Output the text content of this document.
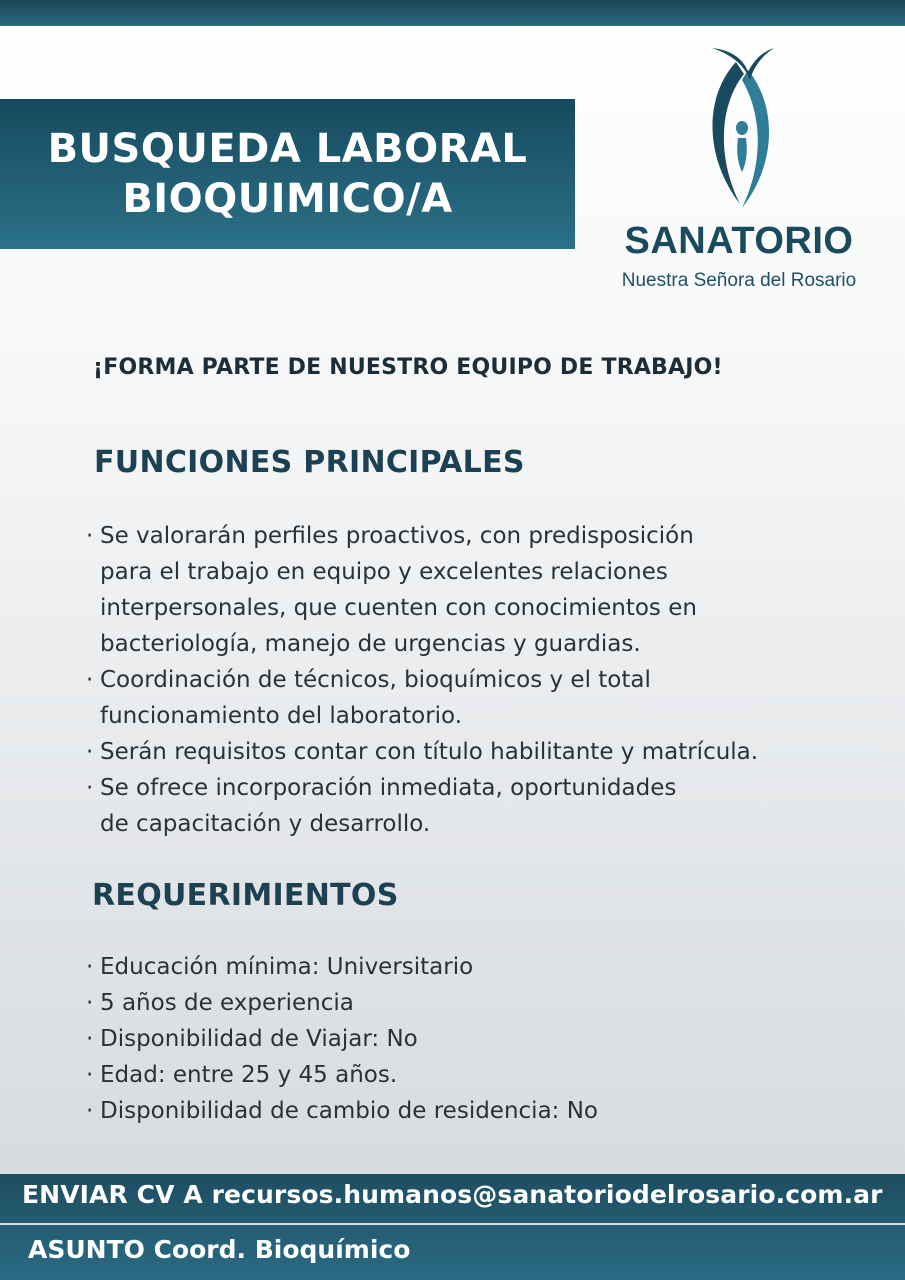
BUSQUEDA LABORAL
BIOQUIMICO/A
SANATORIO
Nuestra Señora del Rosario
¡FORMA PARTE DE NUESTRO EQUIPO DE TRABAJO!
FUNCIONES PRINCIPALES
· Se valorarán perfiles proactivos, con predisposición
para el trabajo en equipo y excelentes relaciones
interpersonales, que cuenten con conocimientos en
bacteriología, manejo de urgencias y guardias.
· Coordinación de técnicos, bioquímicos y el total
funcionamiento del laboratorio.
· Serán requisitos contar con título habilitante y matrícula.
· Se ofrece incorporación inmediata, oportunidades
de capacitación y desarrollo.
REQUERIMIENTOS
· Educación mínima: Universitario
· 5 años de experiencia
· Disponibilidad de Viajar: No
· Edad: entre 25 y 45 años.
· Disponibilidad de cambio de residencia: No
ENVIAR CV A recursos.humanos@sanatoriodelrosario.com.ar
ASUNTO Coord. Bioquímico
